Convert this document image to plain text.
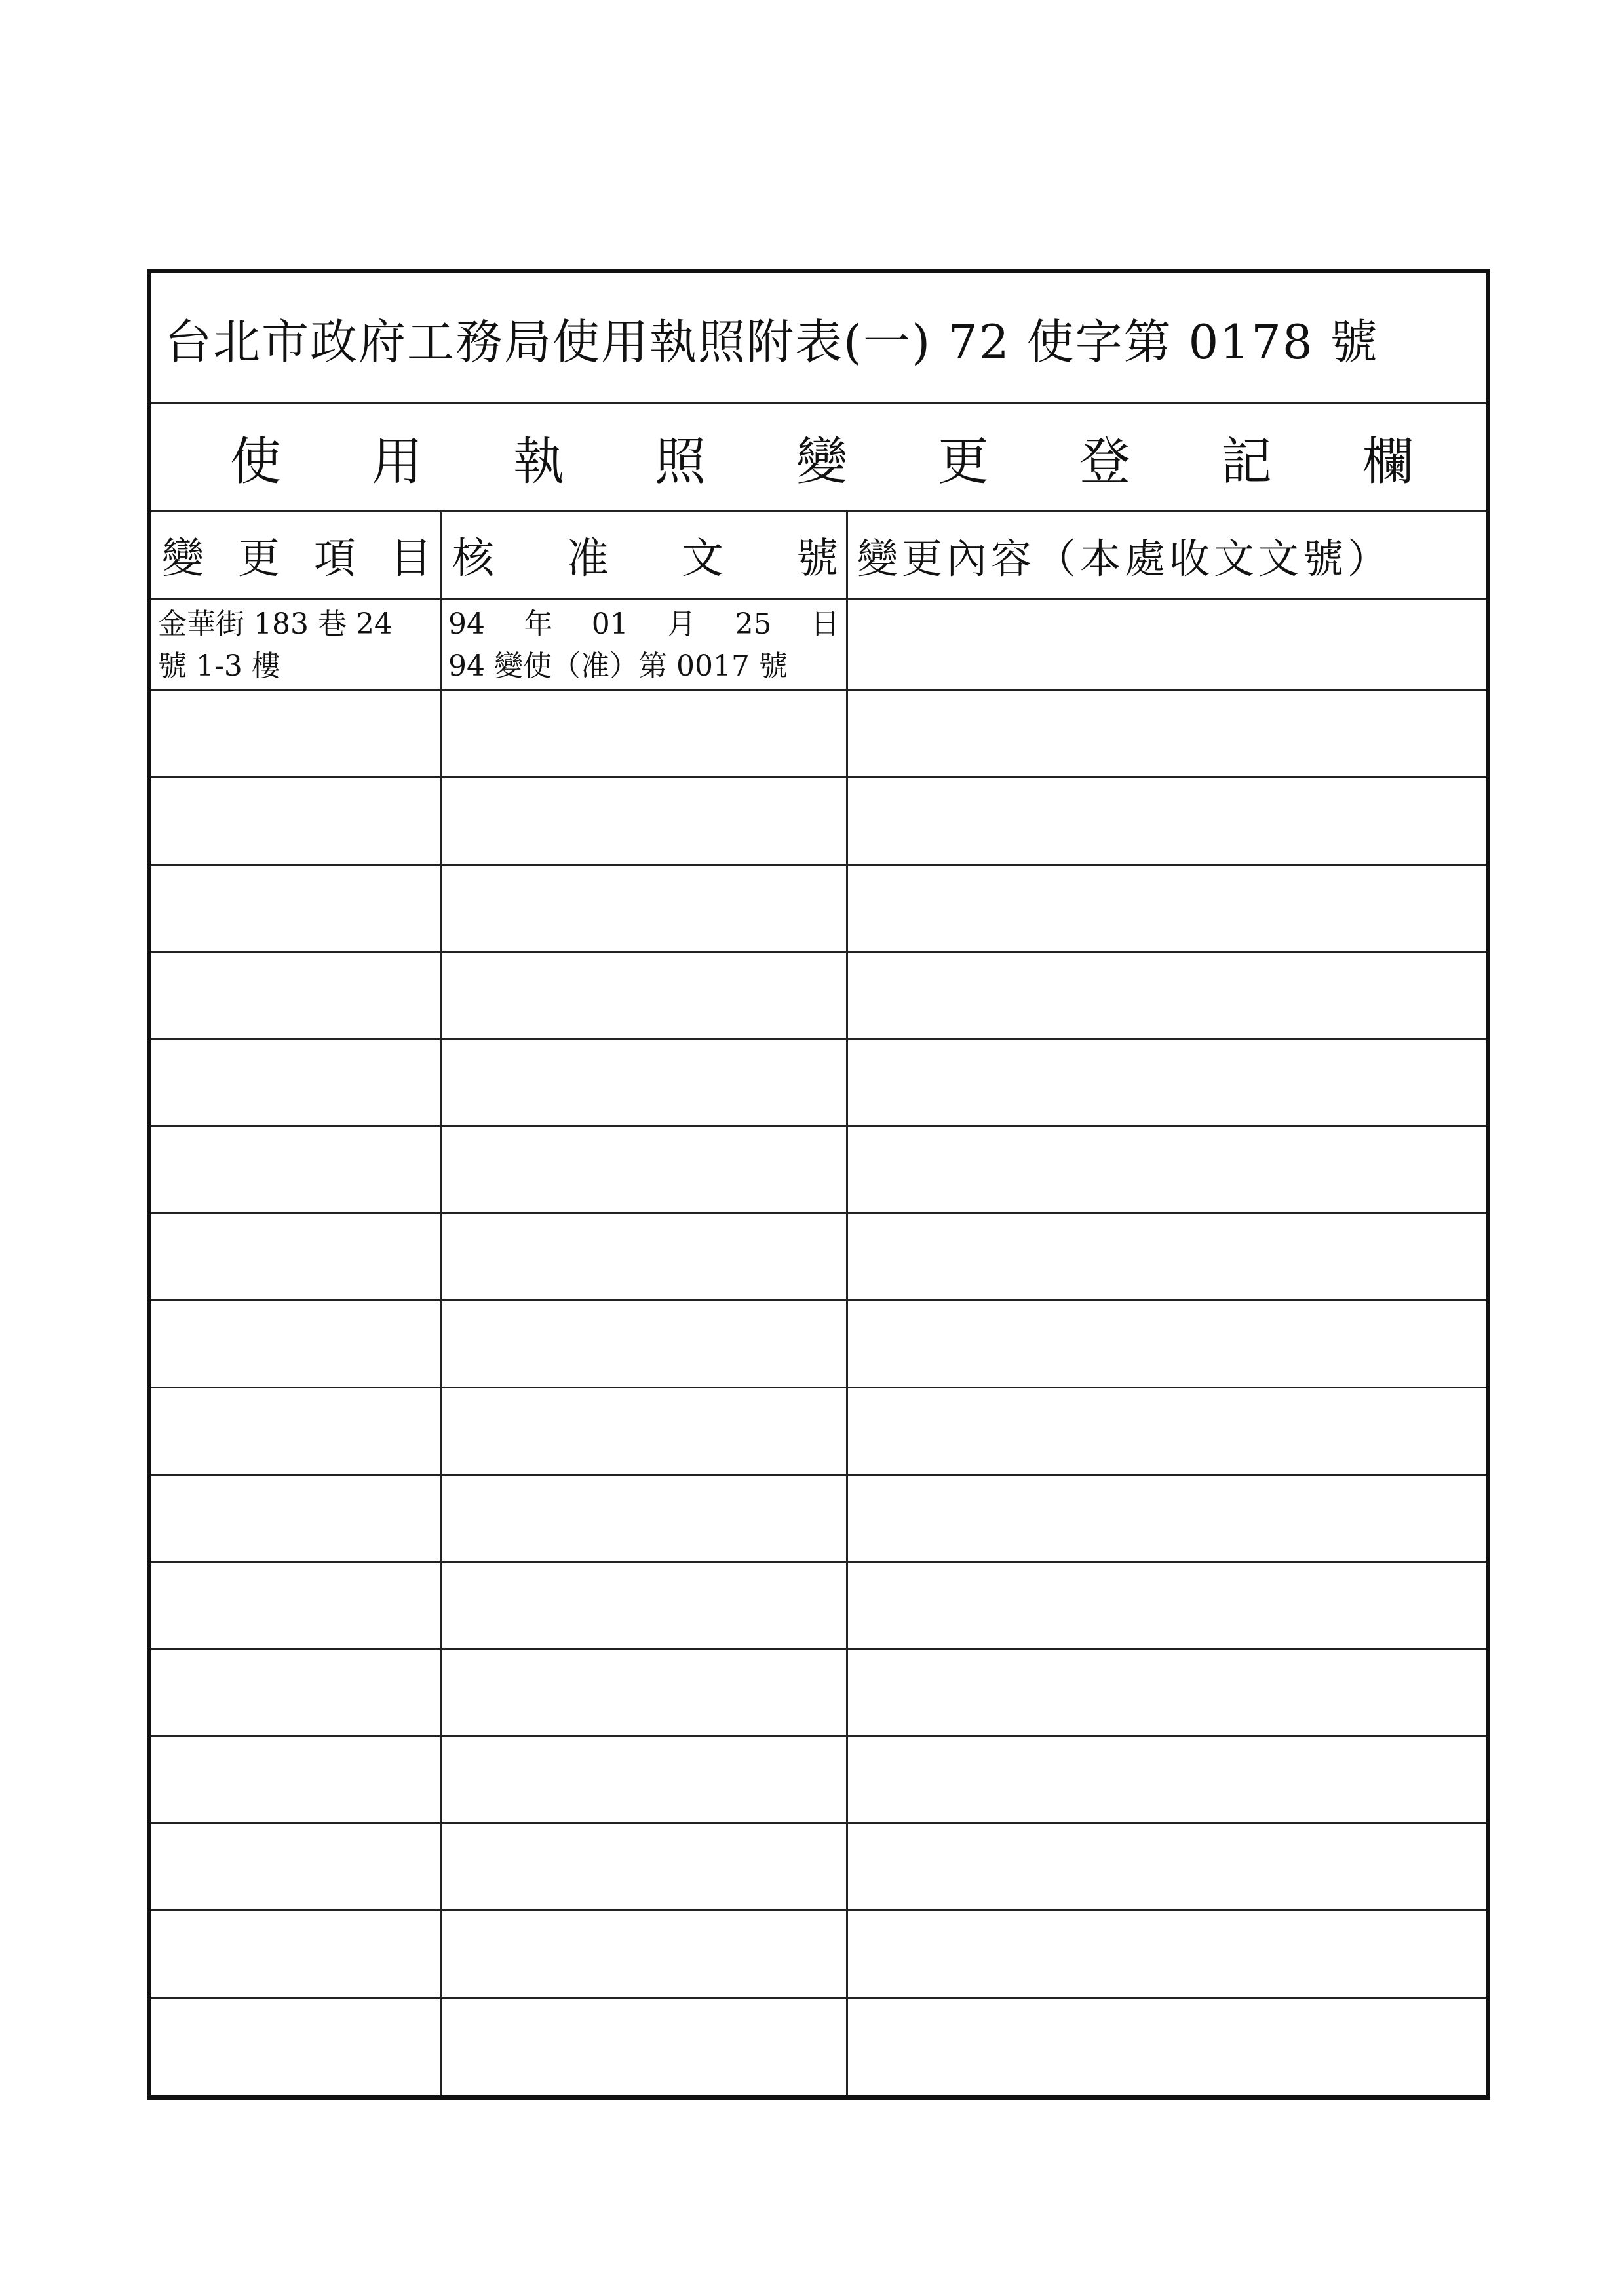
台北市政府工務局使用執照附表(一) 72 使字第 0178 號
使 用 執 照 變 更 登 記 欄
變 更 項 目 核 准 文 號 變更內容（本處收文文號）
金華街 183 巷 24
號 1-3 樓
94 年 01 月 25 日
94 變使（准）第 0017 號
